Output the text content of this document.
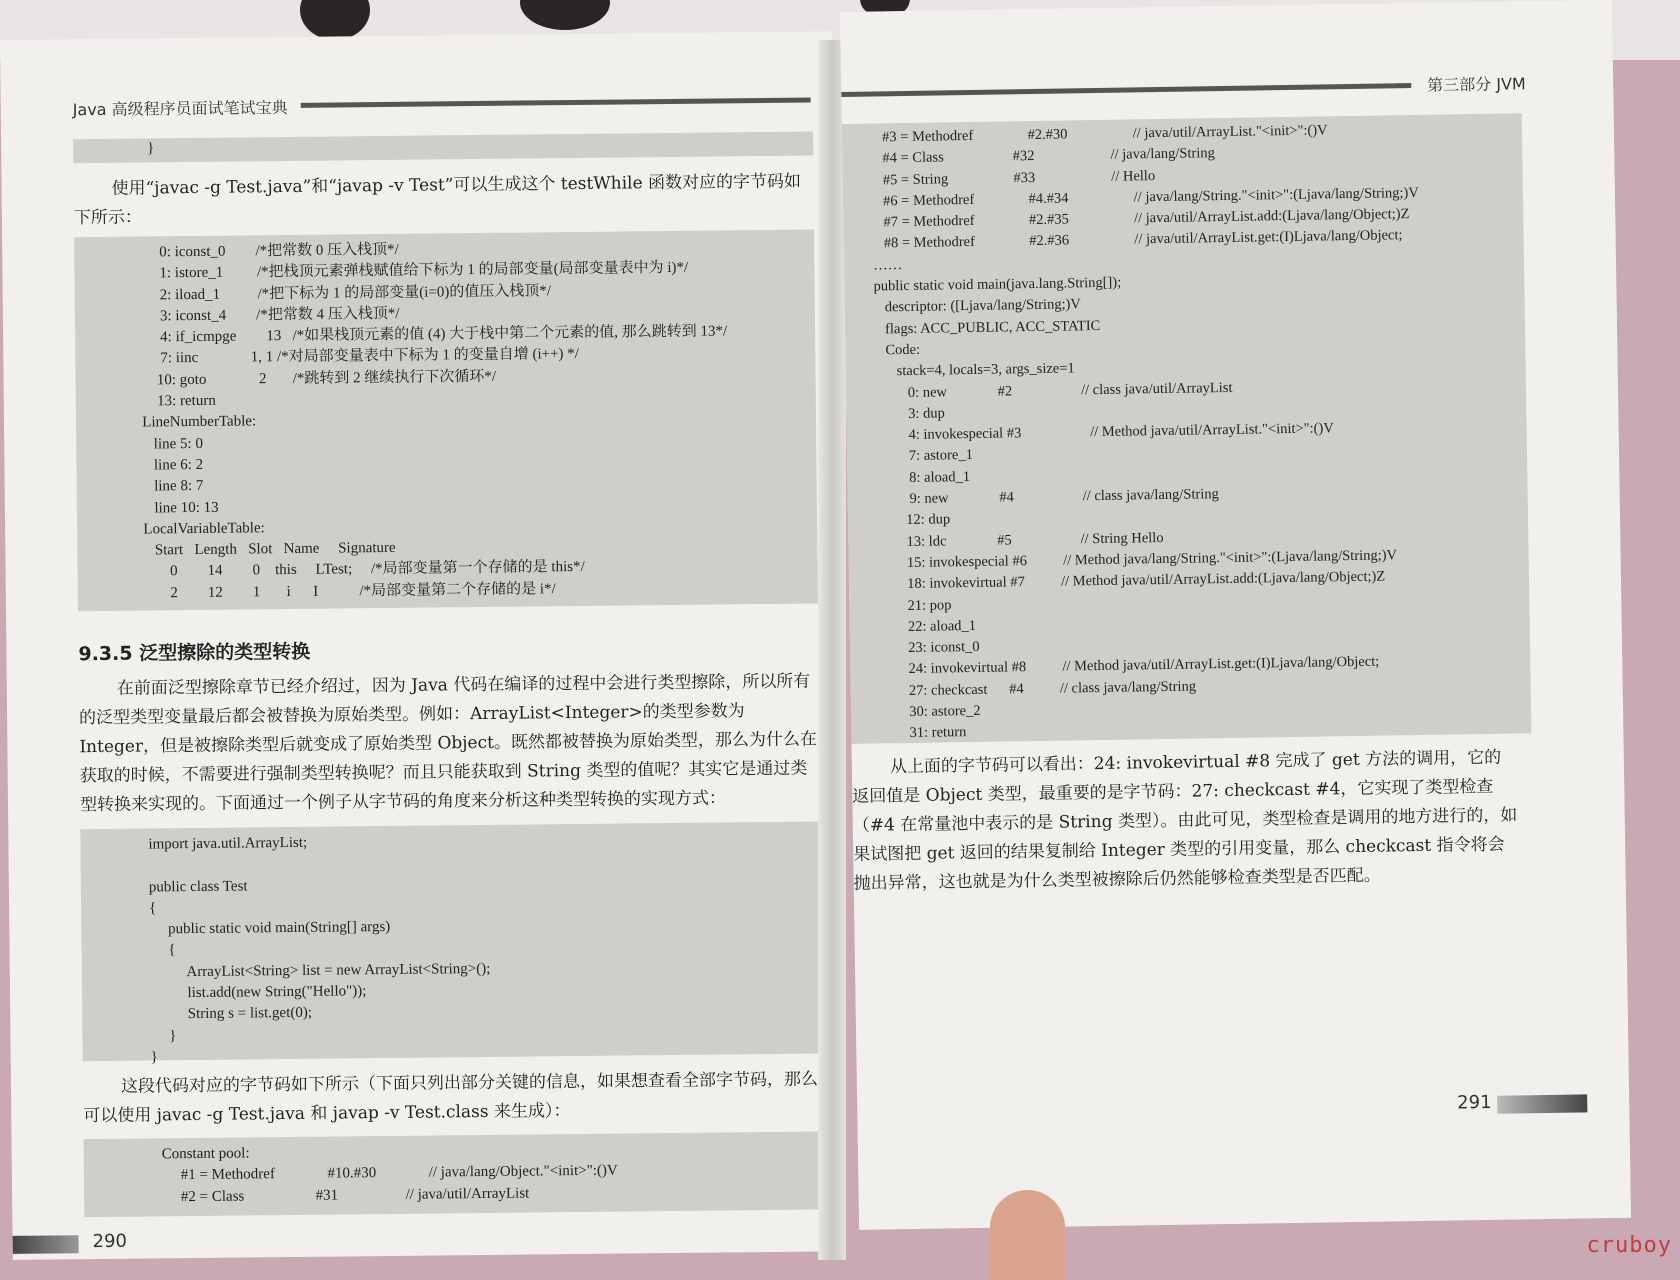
Java 高级程序员面试笔试宝典
}
使用“javac -g Test.java”和“javap -v Test”可以生成这个 testWhile 函数对应的字节码如下所示：
0: iconst_0        /*把常数 0 压入栈顶*/
1: istore_1         /*把栈顶元素弹栈赋值给下标为 1 的局部变量(局部变量表中为 i)*/
2: iload_1          /*把下标为 1 的局部变量(i=0)的值压入栈顶*/
3: iconst_4        /*把常数 4 压入栈顶*/
4: if_icmpge        13   /*如果栈顶元素的值 (4) 大于栈中第二个元素的值, 那么跳转到 13*/
7: iinc              1, 1 /*对局部变量表中下标为 1 的变量自增 (i++) */
10: goto              2       /*跳转到 2 继续执行下次循环*/
13: return
LineNumberTable:
line 5: 0
line 6: 2
line 8: 7
line 10: 13
LocalVariableTable:
Start   Length   Slot   Name     Signature
0        14        0    this     LTest;     /*局部变量第一个存储的是 this*/
2        12        1       i      I           /*局部变量第二个存储的是 i*/
9.3.5 泛型擦除的类型转换
在前面泛型擦除章节已经介绍过，因为 Java 代码在编译的过程中会进行类型擦除，所以所有的泛型类型变量最后都会被替换为原始类型。例如：ArrayList<Integer>的类型参数为 Integer，但是被擦除类型后就变成了原始类型 Object。既然都被替换为原始类型，那么为什么在获取的时候，不需要进行强制类型转换呢？而且只能获取到 String 类型的值呢？其实它是通过类型转换来实现的。下面通过一个例子从字节码的角度来分析这种类型转换的实现方式：
import java.util.ArrayList;
public class Test
{
public static void main(String[] args)
{
ArrayList<String> list = new ArrayList<String>();
list.add(new String("Hello"));
String s = list.get(0);
}
}
这段代码对应的字节码如下所示（下面只列出部分关键的信息，如果想查看全部字节码，那么可以使用 javac -g Test.java 和 javap -v Test.class 来生成）：
Constant pool:
#1 = Methodref              #10.#30              // java/lang/Object."<init>":()V
#2 = Class                   #31                  // java/util/ArrayList
290
第三部分 JVM
#3 = Methodref               #2.#30                  // java/util/ArrayList."<init>":()V
#4 = Class                   #32                     // java/lang/String
#5 = String                  #33                     // Hello
#6 = Methodref               #4.#34                  // java/lang/String."<init>":(Ljava/lang/String;)V
#7 = Methodref               #2.#35                  // java/util/ArrayList.add:(Ljava/lang/Object;)Z
#8 = Methodref               #2.#36                  // java/util/ArrayList.get:(I)Ljava/lang/Object;
……
public static void main(java.lang.String[]);
descriptor: ([Ljava/lang/String;)V
flags: ACC_PUBLIC, ACC_STATIC
Code:
stack=4, locals=3, args_size=1
0: new              #2                   // class java/util/ArrayList
3: dup
4: invokespecial #3                   // Method java/util/ArrayList."<init>":()V
7: astore_1
8: aload_1
9: new              #4                   // class java/lang/String
12: dup
13: ldc              #5                   // String Hello
15: invokespecial #6          // Method java/lang/String."<init>":(Ljava/lang/String;)V
18: invokevirtual #7          // Method java/util/ArrayList.add:(Ljava/lang/Object;)Z
21: pop
22: aload_1
23: iconst_0
24: invokevirtual #8          // Method java/util/ArrayList.get:(I)Ljava/lang/Object;
27: checkcast      #4          // class java/lang/String
30: astore_2
31: return
从上面的字节码可以看出：24: invokevirtual #8 完成了 get 方法的调用，它的返回值是 Object 类型，最重要的是字节码：27: checkcast #4，它实现了类型检查（#4 在常量池中表示的是 String 类型）。由此可见，类型检查是调用的地方进行的，如果试图把 get 返回的结果复制给 Integer 类型的引用变量，那么 checkcast 指令将会抛出异常，这也就是为什么类型被擦除后仍然能够检查类型是否匹配。
291
cruboy
